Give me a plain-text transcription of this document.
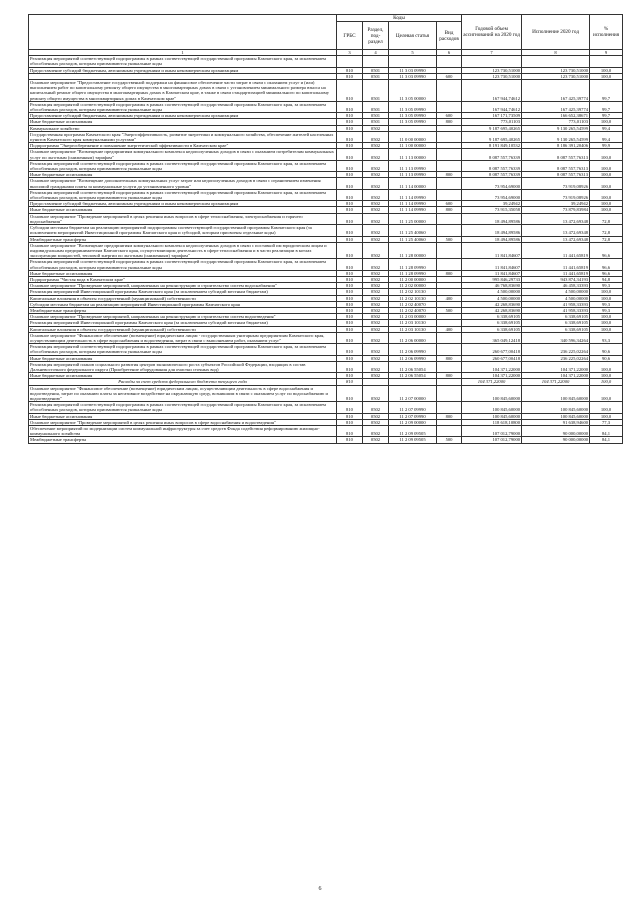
	Коды				Годовой объем ассигнований на 2020 год	Исполнение 2020 год	% исполнения
	ГРБС	Раздел, под-раздел	Целевая статья	Вид расходов			
1	3	4	5	6	7	8	9
Реализация мероприятий соответствующей подпрограммы в рамках соответствующей государственной программы Камчатского края, за исключением обособленных расходов, которым присваиваются уникальные коды							
Предоставление субсидий бюджетным, автономным учреждениям и иным некоммерческим организациям	810	0501	11 3 03 09990		123 730,51000	123 730,51000	100,0
	810	0501	11 3 03 09990	600	123 730,51000	123 730,51000	100,0
Основное мероприятие "Предоставление государственной поддержки на финансовое обеспечение части затрат в связи с оказанием услуг и (или) выполнением работ по капитальному ремонту общего имущества в многоквартирных домах в связи с установлением минимального размера взноса на капитальный ремонт общего имущества в многоквартирных домах в Камчатском крае, в также в связи стандартизацией минимального по капитальному ремонту общего имущества в многоквартирных домах в Камчатском крае"	810	0501	11 3 05 00000		167 944,74612	167 425,39774	99,7
Реализация мероприятий соответствующей подпрограммы в рамках соответствующей государственной программы Камчатского края, за исключением обособленных расходов, которым присваиваются уникальные коды	810	0501	11 3 05 09990		167 944,74612	167 425,39774	99,7
Предоставление субсидий бюджетным, автономным учреждениям и иным некоммерческим организациям	810	0501	11 3 05 09990	600	167 171,73509	166 652,38671	99,7
Иные бюджетные ассигнования	810	0501	11 3 05 09990	800	773,01103	773,01103	100,0
Коммунальное хозяйство	810	0502			9 187 695,40265	9 130 265,54599	99,4
Государственная программа Камчатского края "Энергоэффективность, развитие энергетики и коммунального хозяйства, обеспечение жителей населенных пунктов Камчатского края коммунальными услугами"	810	0502	11 0 00 00000		9 187 695,40265	9 130 265,54599	99,4
Подпрограмма "Энергосбережение и повышение энергетической эффективности в Камчатском крае"	810	0502	11 1 00 00000		8 191 849,10532	8 186 391,20406	99,9
Основное мероприятие "Возмещение предприятиям коммунального комплекса недополученных доходов в связи с оказанием потребителям коммунальных услуг по льготным (сниженным) тарифам"	810	0502	11 1 13 00000		8 087 557,76339	8 087 557,76313	100,0
Реализация мероприятий соответствующей подпрограммы в рамках соответствующей государственной программы Камчатского края, за исключением обособленных расходов, которым присваиваются уникальные коды	810	0502	11 1 13 09990		8 087 557,76339	8 087 557,76313	100,0
Иные бюджетные ассигнования	810	0502	11 1 13 09990	800	8 087 557,76339	8 087 557,76313	100,0
Основное мероприятие "Возмещение дополнительных коммунальных услуг затрат или недополученных доходов в связи с ограничением изменения вносимой гражданами платы за коммунальные услуги до установленного уровня"	810	0502	11 1 14 00000		73 954,69000	73 919,08926	100,0
Реализация мероприятий соответствующей подпрограммы в рамках соответствующей государственной программы Камчатского края, за исключением обособленных расходов, которым присваиваются уникальные коды	810	0502	11 1 14 09990		73 954,69000	73 919,08926	100,0
Предоставление субсидий бюджетным, автономным учреждениям и иным некоммерческим организациям	810	0502	11 1 14 09990	600	39,24942	39,24942	100,0
Иные бюджетные ассигнования	810	0502	11 1 14 09990	800	73 915,35058	73 879,83984	100,0
Основное мероприятие "Проведение мероприятий в целях решения иных вопросов в сфере теплоснабжения, электроснабжения и горячего водоснабжения"	810	0502	11 1 25 00000		18 494,89586	13 472,69348	72,8
Субсидии местным бюджетам на реализацию мероприятий подпрограммы соответствующей государственной программы Камчатского края (за исключением мероприятий Инвестиционной программы Камчатского края и субсидий, которым присвоены отдельные коды)	810	0502	11 1 25 40060		18 494,89586	13 472,69348	72,8
Межбюджетные трансферты	810	0502	11 1 25 40060	500	18 494,89586	13 472,69348	72,8
Основное мероприятие "Возмещение предприятиям коммунального комплекса недополученных доходов в связи с поставкой им юридическим лицам и индивидуальным предпринимателям Камчатского края, осуществляющим деятельность в сфере теплоснабжения и в части реализации в котлах эксплуатации мощностей, тепловой энергии по льготным (сниженным) тарифам"	810	0502	11 1 28 00000		11 841,84607	11 441,65819	96,6
Реализация мероприятий соответствующей подпрограммы в рамках соответствующей государственной программы Камчатского края, за исключением обособленных расходов, которым присваиваются уникальные коды	810	0502	11 1 28 09990		11 841,84607	11 441,65819	96,6
Иные бюджетные ассигнования	810	0502	11 1 28 09990	800	11 841,84607	11 441,65819	96,6
Подпрограмма "Чистая вода в Камчатском крае"	810	0502	11 2 00 00000		995 846,29733	943 874,34193	94,8
Основное мероприятие "Проведение мероприятий, направленных на реконструкцию и строительство систем водоснабжения"	810	0502	11 2 02 00000		46 768,83690	46 458,33393	99,3
Реализация мероприятий Инвестиционной программы Камчатского края (за исключением субсидий местным бюджетам)	810	0502	11 2 02 10130		4 500,00000	4 500,00000	100,0
Капитальные вложения в объекты государственной (муниципальной) собственности	810	0502	11 2 02 10130	400	4 500,00000	4 500,00000	100,0
Субсидии местным бюджетам на реализацию мероприятий Инвестиционной программы Камчатского края	810	0502	11 2 02 40070		42 268,83690	41 958,33393	99,3
Межбюджетные трансферты	810	0502	11 2 02 40070	500	42 268,83690	41 958,33393	99,3
Основное мероприятие "Проведение мероприятий, направленных на реконструкцию и строительство систем водоотведения"	810	0502	11 2 03 00000		6 338,69105	6 338,69105	100,0
Реализация мероприятий Инвестиционной программы Камчатского края (за исключением субсидий местным бюджетам)	810	0502	11 2 03 10130		6 338,69105	6 338,69105	100,0
Капитальные вложения в объекты государственной (муниципальной) собственности	810	0502	11 2 03 10130	400	6 338,69105	6 338,69105	100,0
Основное мероприятие "Финансовое обеспечение (возмещение) юридическим лицам - государственным унитарным предприятиям Камчатского края, осуществляющим деятельность в сфере водоснабжения и водоотведения, затрат в связи с выполнением работ, оказанием услуг"	810	0502	11 2 06 00000		365 049,12418	340 596,34264	93,3
Реализация мероприятий соответствующей подпрограммы в рамках соответствующей государственной программы Камчатского края, за исключением обособленных расходов, которым присваиваются уникальные коды	810	0502	11 2 06 09990		260 677,00418	236 225,02264	90,6
Иные бюджетные ассигнования	810	0502	11 2 06 09990	800	260 677,00418	236 225,02264	90,6
Реализация мероприятий планов социального развития центров экономического роста субъектов Российской Федерации, входящих в состав Дальневосточного федерального округа (Приобретение оборудования для очистки сточных вод)	810	0502	11 2 06 55054		104 371,22000	104 371,22000	100,0
Иные бюджетные ассигнования	810	0502	11 2 06 55054	800	104 371,22000	104 371,22000	100,0
Расходы за счет средств федерального бюджета текущего года	810				104 371,22000	104 371,22000	100,0
Основное мероприятие "Финансовое обеспечение (возмещение) юридическим лицам, осуществляющим деятельность в сфере водоснабжения и водоотведения, затрат по оказанию платы за негативное воздействие на окружающую среду, возникшим в связи с оказанием услуг по водоснабжению и водоотведению"	810	0502	11 2 07 00000		100 845,60000	100 845,60000	100,0
Реализация мероприятий соответствующей подпрограммы в рамках соответствующей государственной программы Камчатского края, за исключением обособленных расходов, которым присваиваются уникальные коды	810	0502	11 2 07 09990		100 845,60000	100 845,60000	100,0
Иные бюджетные ассигнования	810	0502	11 2 07 09990	800	100 845,60000	100 845,60000	100,0
Основное мероприятие "Проведение мероприятий в целях решения иных вопросов в сфере водоснабжения и водоотведения"	810	0502	11 2 09 00000		118 618,10800	91 638,94600	77,3
Обеспечение мероприятий по модернизации систем коммунальной инфраструктуры за счет средств Фонда содействия реформированию жилищно-коммунального хозяйства	810	0502	11 2 09 09505		107 012,79000	90 000,00000	84,1
Межбюджетные трансферты	810	0502	11 2 09 09505	500	107 012,79000	90 000,00000	84,1
6
